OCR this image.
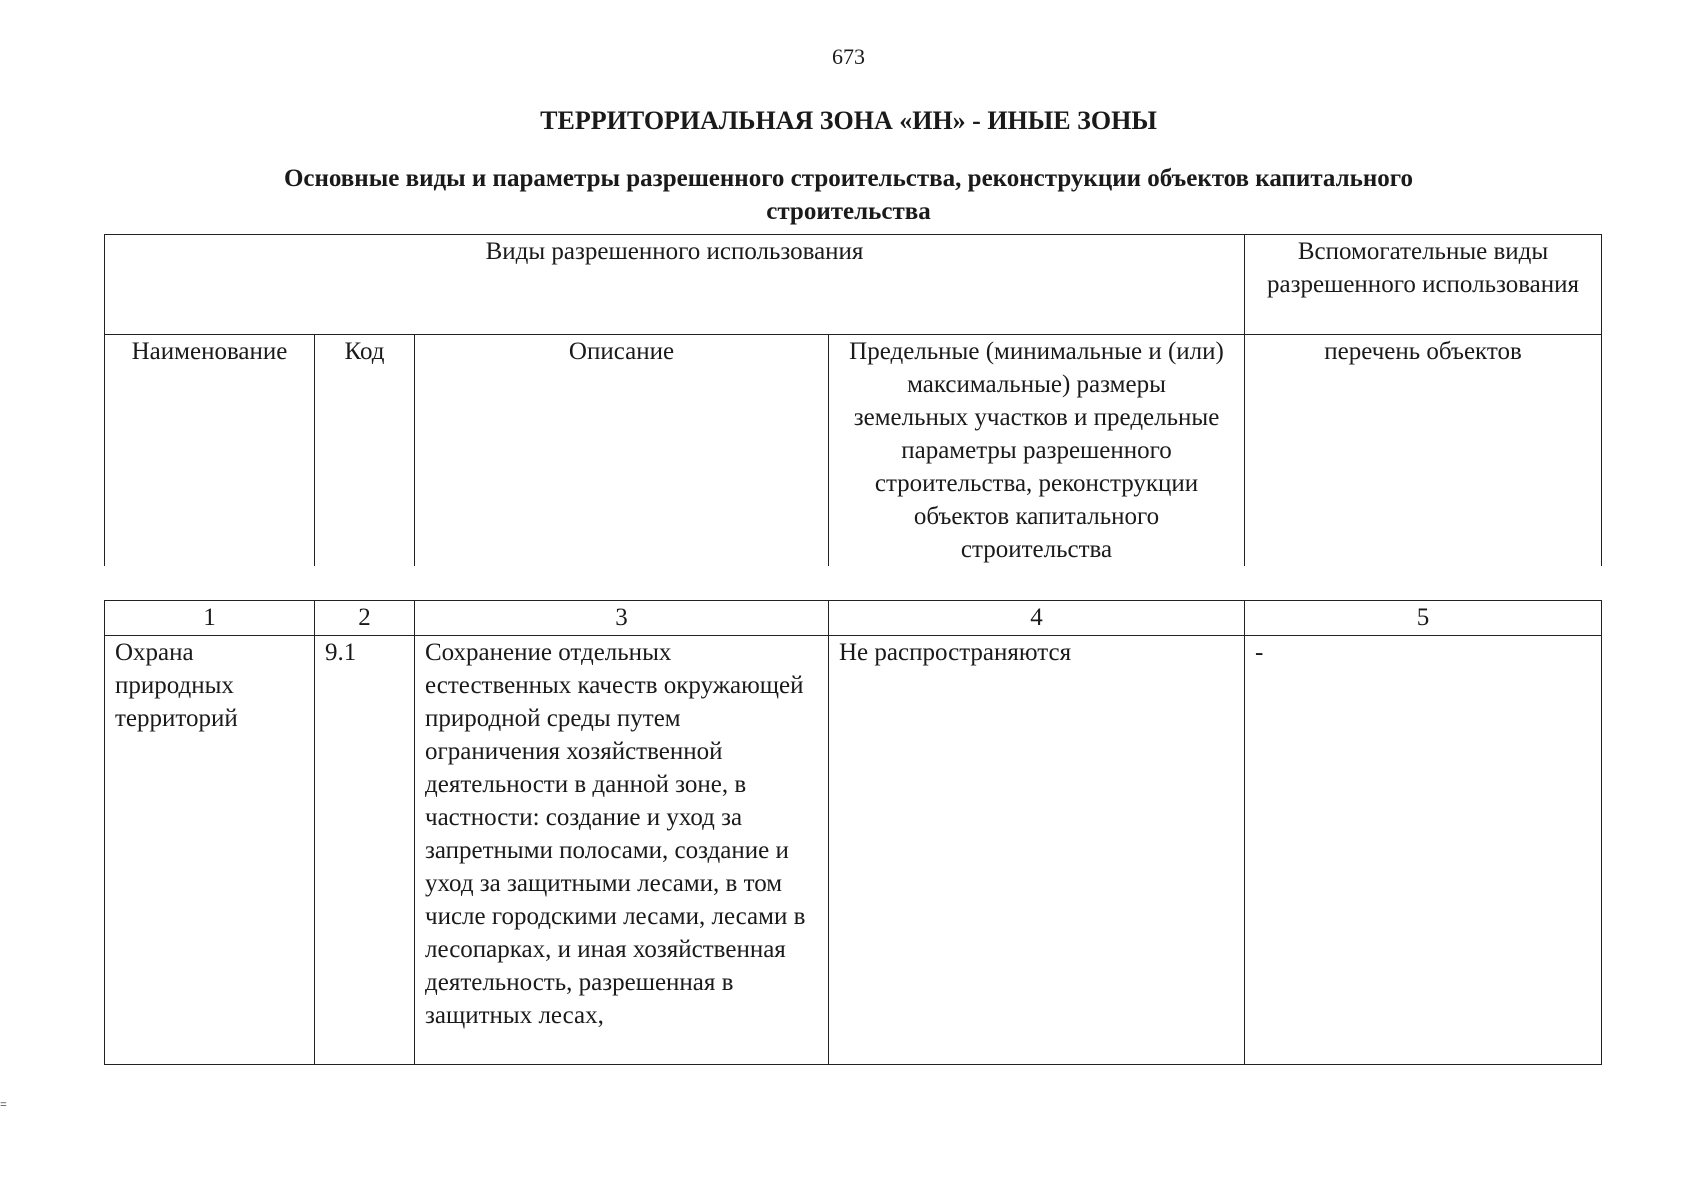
673
ТЕРРИТОРИАЛЬНАЯ ЗОНА «ИН» - ИНЫЕ ЗОНЫ
Основные виды и параметры разрешенного строительства, реконструкции объектов капитального строительства
Виды разрешенного использования				Вспомогательные виды разрешенного использования
Наименование	Код	Описание	Предельные (минимальные и (или) максимальные) размеры земельных участков и предельные параметры разрешенного строительства, реконструкции объектов капитального строительства	перечень объектов
1	2	3	4	5
Охрана природных территорий	9.1	Сохранение отдельных естественных качеств окружающей природной среды путем ограничения хозяйственной деятельности в данной зоне, в частности: создание и уход за запретными полосами, создание и уход за защитными лесами, в том числе городскими лесами, лесами в лесопарках, и иная хозяйственная деятельность, разрешенная в защитных лесах,	Не распространяются	-
=
